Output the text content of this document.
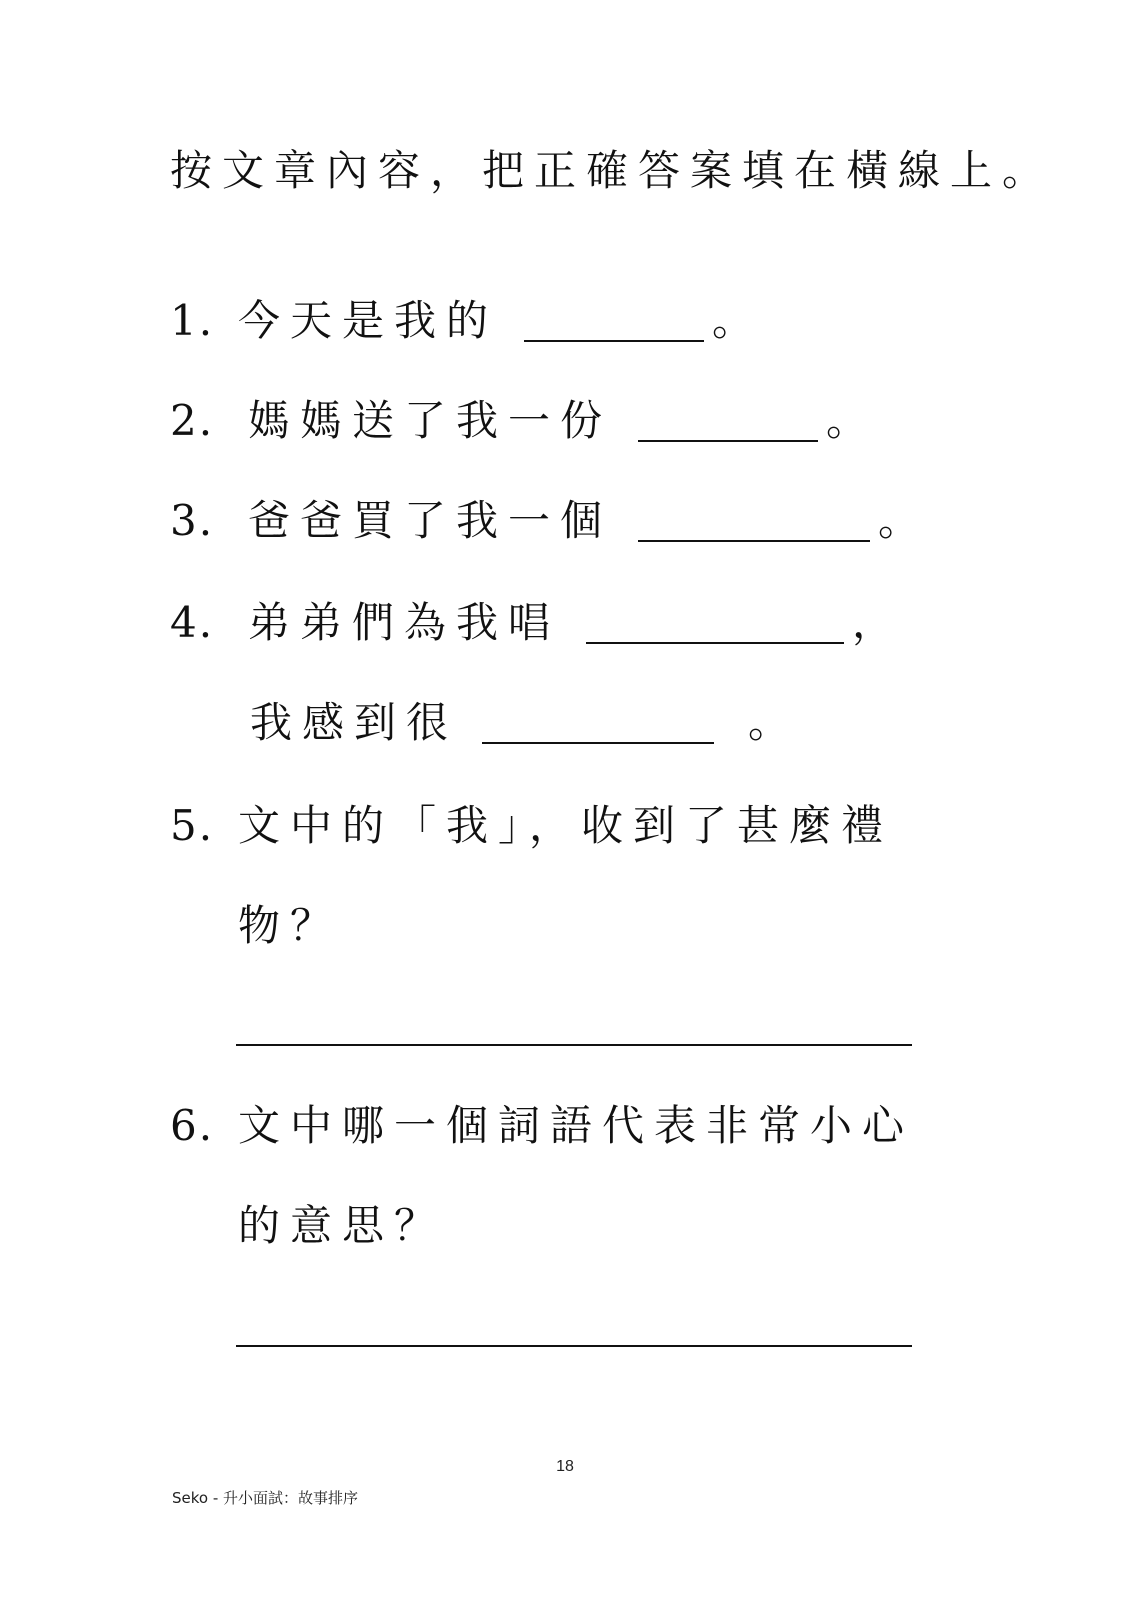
按文章內容，把正確答案填在橫線上。
1. 今天是我的	。
2. 媽媽送了我一份	。
3. 爸爸買了我一個	。
4. 弟弟們為我唱	，
我感到很	。
5. 文中的「我」，收到了甚麼禮
物？
6. 文中哪一個詞語代表非常小心
的意思？
18
Seko - 升小面試：故事排序
